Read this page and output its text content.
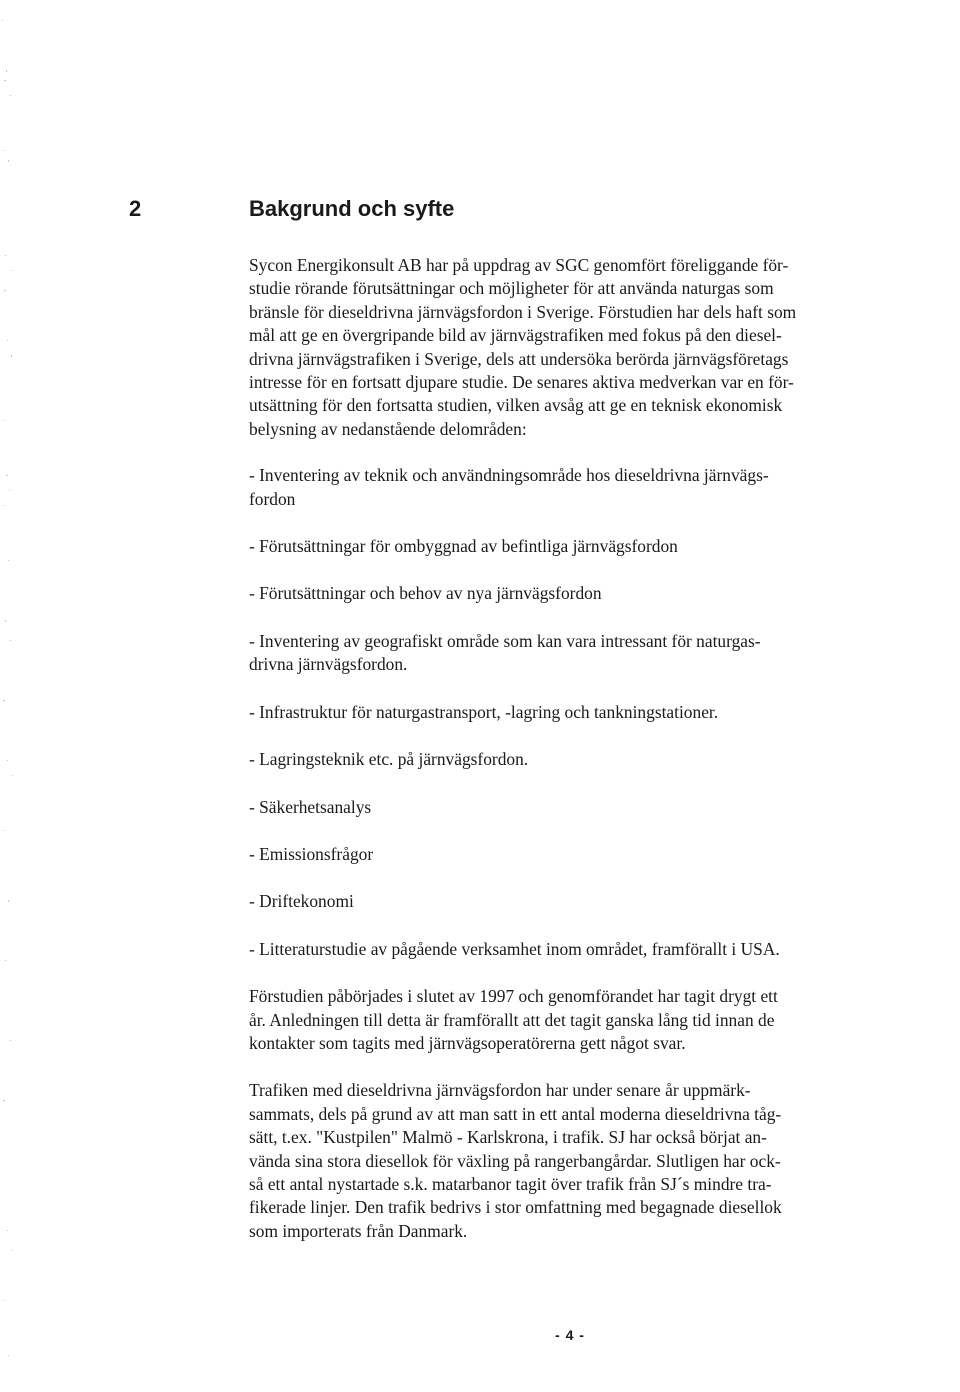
2	Bakgrund och syfte

Sycon Energikonsult AB har på uppdrag av SGC genomfört föreliggande för-
studie rörande förutsättningar och möjligheter för att använda naturgas som
bränsle för dieseldrivna järnvägsfordon i Sverige. Förstudien har dels haft som
mål att ge en övergripande bild av järnvägstrafiken med fokus på den diesel-
drivna järnvägstrafiken i Sverige, dels att undersöka berörda järnvägsföretags
intresse för en fortsatt djupare studie. De senares aktiva medverkan var en för-
utsättning för den fortsatta studien, vilken avsåg att ge en teknisk ekonomisk
belysning av nedanstående delområden:

- Inventering av teknik och användningsområde hos dieseldrivna järnvägs-
fordon

- Förutsättningar för ombyggnad av befintliga järnvägsfordon

- Förutsättningar och behov av nya järnvägsfordon

- Inventering av geografiskt område som kan vara intressant för naturgas-
drivna järnvägsfordon.

- Infrastruktur för naturgastransport, -lagring och tankningstationer.

- Lagringsteknik etc. på järnvägsfordon.

- Säkerhetsanalys

- Emissionsfrågor

- Driftekonomi

- Litteraturstudie av pågående verksamhet inom området, framförallt i USA.

Förstudien påbörjades i slutet av 1997 och genomförandet har tagit drygt ett
år. Anledningen till detta är framförallt att det tagit ganska lång tid innan de
kontakter som tagits med järnvägsoperatörerna gett något svar.

Trafiken med dieseldrivna järnvägsfordon har under senare år uppmärk-
sammats, dels på grund av att man satt in ett antal moderna dieseldrivna tåg-
sätt, t.ex. "Kustpilen" Malmö - Karlskrona, i trafik. SJ har också börjat an-
vända sina stora diesellok för växling på rangerbangårdar. Slutligen har ock-
så ett antal nystartade s.k. matarbanor tagit över trafik från SJ´s mindre tra-
fikerade linjer. Den trafik bedrivs i stor omfattning med begagnade diesellok
som importerats från Danmark.

- 4 -
